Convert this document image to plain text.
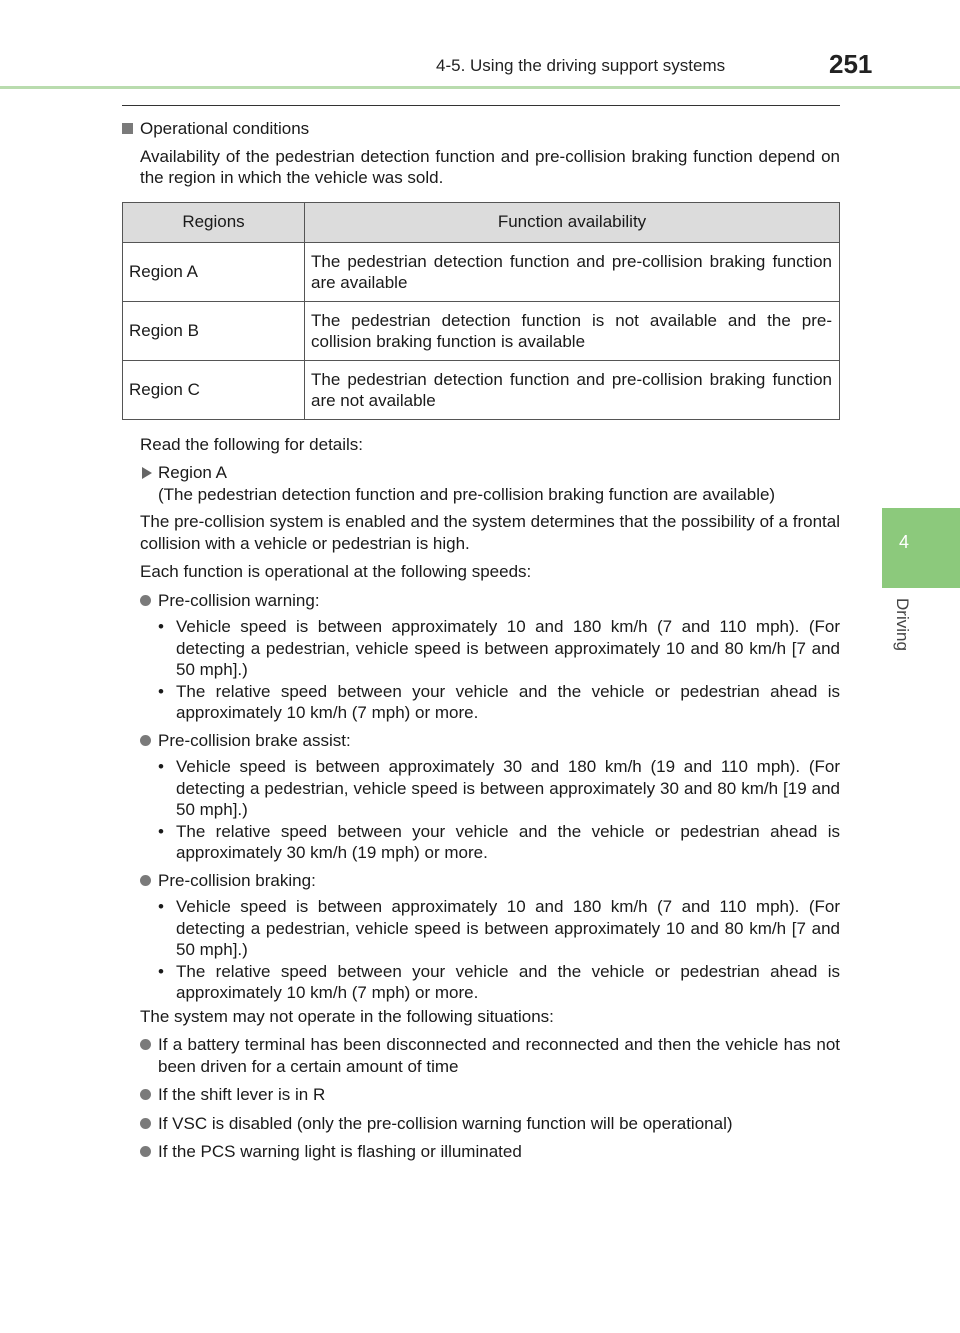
4-5. Using the driving support systems	251
4
Driving
Operational conditions

Availability of the pedestrian detection function and pre-collision braking function depend on the region in which the vehicle was sold.

Regions	Function availability
Region A	The pedestrian detection function and pre-collision braking function are available
Region B	The pedestrian detection function is not available and the pre-collision braking function is available
Region C	The pedestrian detection function and pre-collision braking function are not available

Read the following for details:

Region A
(The pedestrian detection function and pre-collision braking function are available)

The pre-collision system is enabled and the system determines that the possibility of a frontal collision with a vehicle or pedestrian is high.

Each function is operational at the following speeds:

Pre-collision warning:
• Vehicle speed is between approximately 10 and 180 km/h (7 and 110 mph). (For detecting a pedestrian, vehicle speed is between approximately 10 and 80 km/h [7 and 50 mph].)
• The relative speed between your vehicle and the vehicle or pedestrian ahead is approximately 10 km/h (7 mph) or more.
Pre-collision brake assist:
• Vehicle speed is between approximately 30 and 180 km/h (19 and 110 mph). (For detecting a pedestrian, vehicle speed is between approximately 30 and 80 km/h [19 and 50 mph].)
• The relative speed between your vehicle and the vehicle or pedestrian ahead is approximately 30 km/h (19 mph) or more.
Pre-collision braking:
• Vehicle speed is between approximately 10 and 180 km/h (7 and 110 mph). (For detecting a pedestrian, vehicle speed is between approximately 10 and 80 km/h [7 and 50 mph].)
• The relative speed between your vehicle and the vehicle or pedestrian ahead is approximately 10 km/h (7 mph) or more.

The system may not operate in the following situations:

If a battery terminal has been disconnected and reconnected and then the vehicle has not been driven for a certain amount of time
If the shift lever is in R
If VSC is disabled (only the pre-collision warning function will be operational)
If the PCS warning light is flashing or illuminated
